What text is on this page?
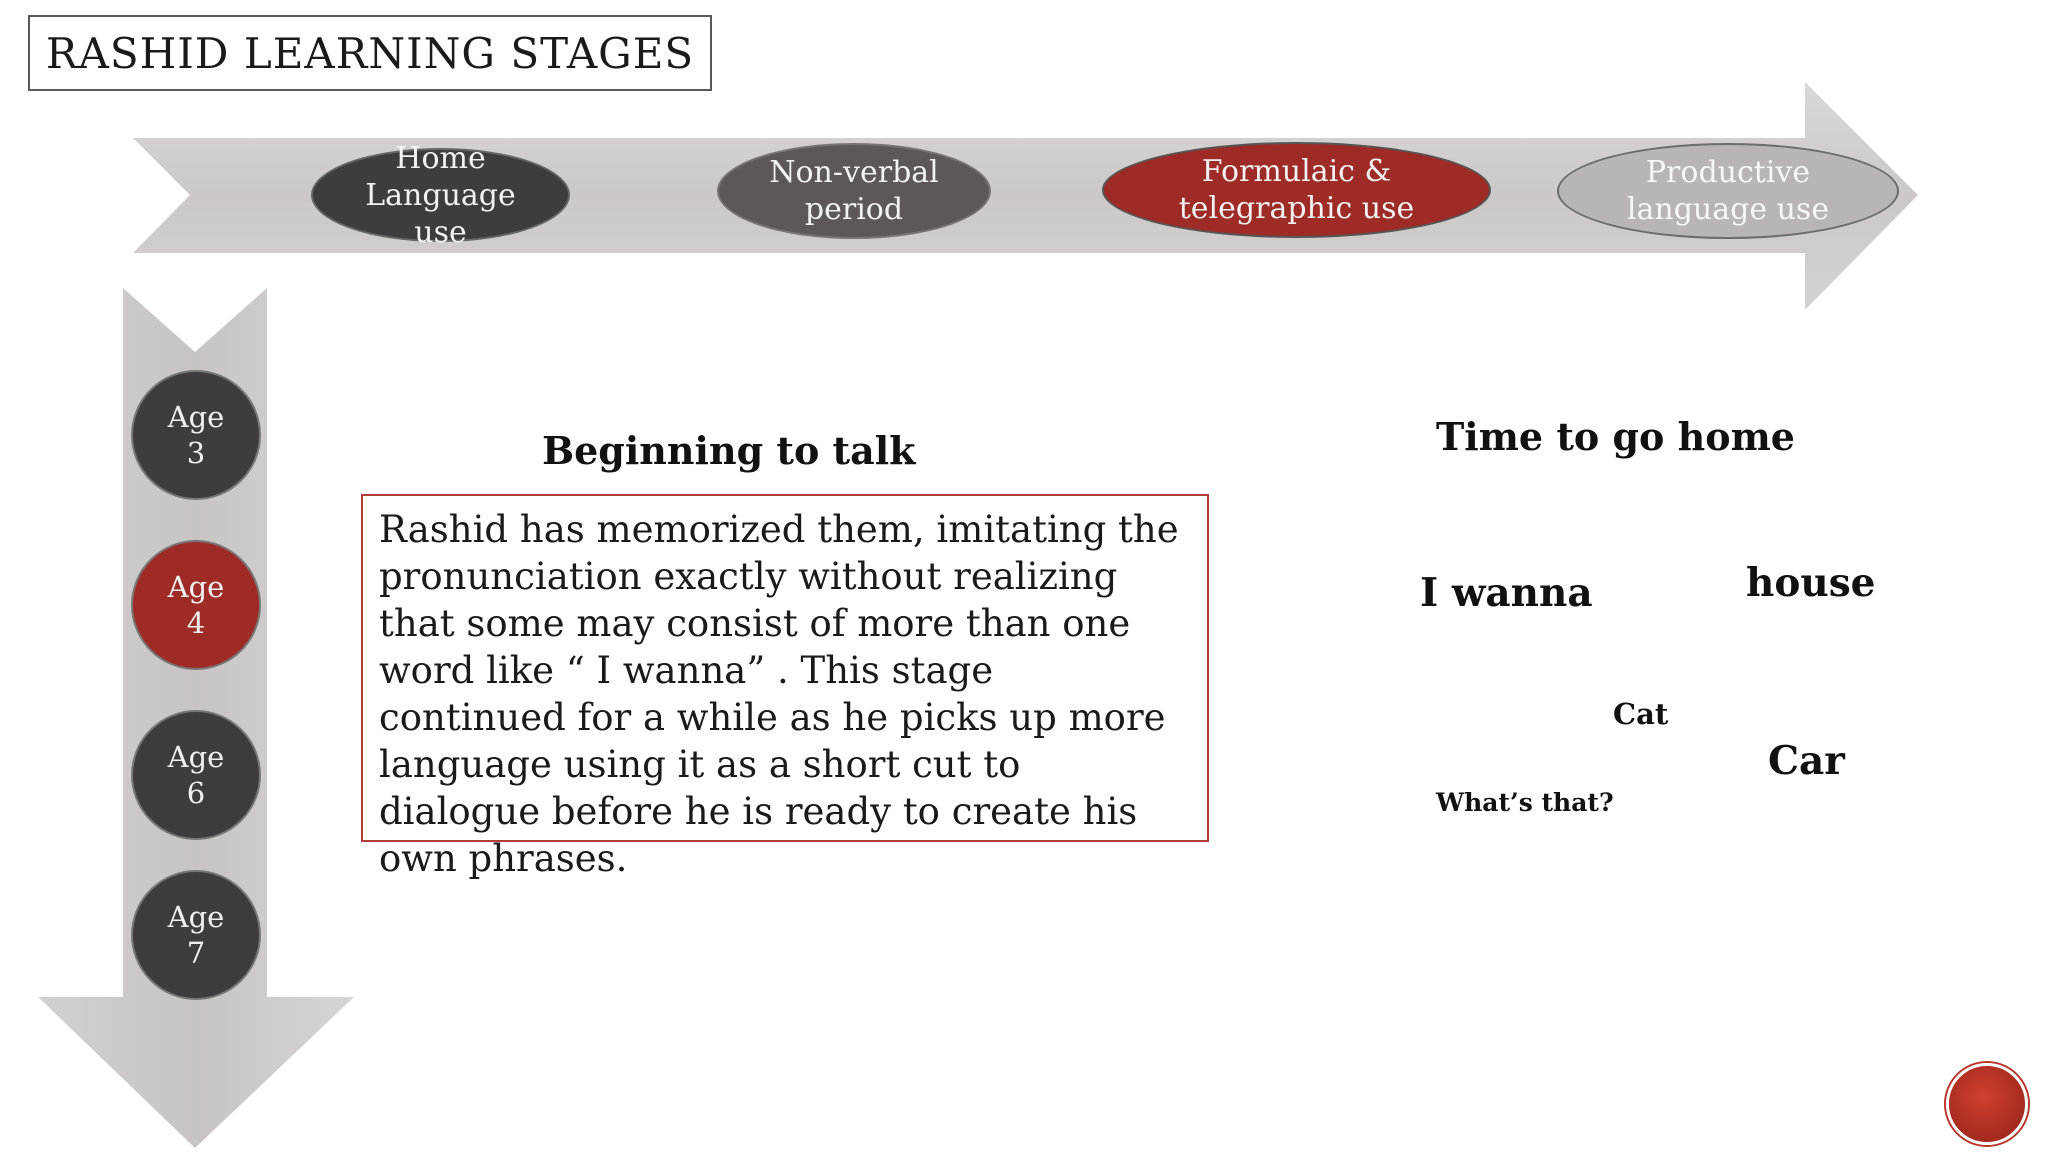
RASHID LEARNING STAGES
Home
Language
use
Non-verbal
period
Formulaic &
telegraphic use
Productive
language use
Age
3
Age
4
Age
6
Age
7
Beginning to talk
Rashid has memorized them, imitating the pronunciation exactly without realizing that some may consist of more than one word like “ I wanna” . This stage continued for a while as he picks up more language using it as a short cut to dialogue before he is ready to create his own phrases.
Time to go home
I wanna	house
Cat
Car
What’s that?
